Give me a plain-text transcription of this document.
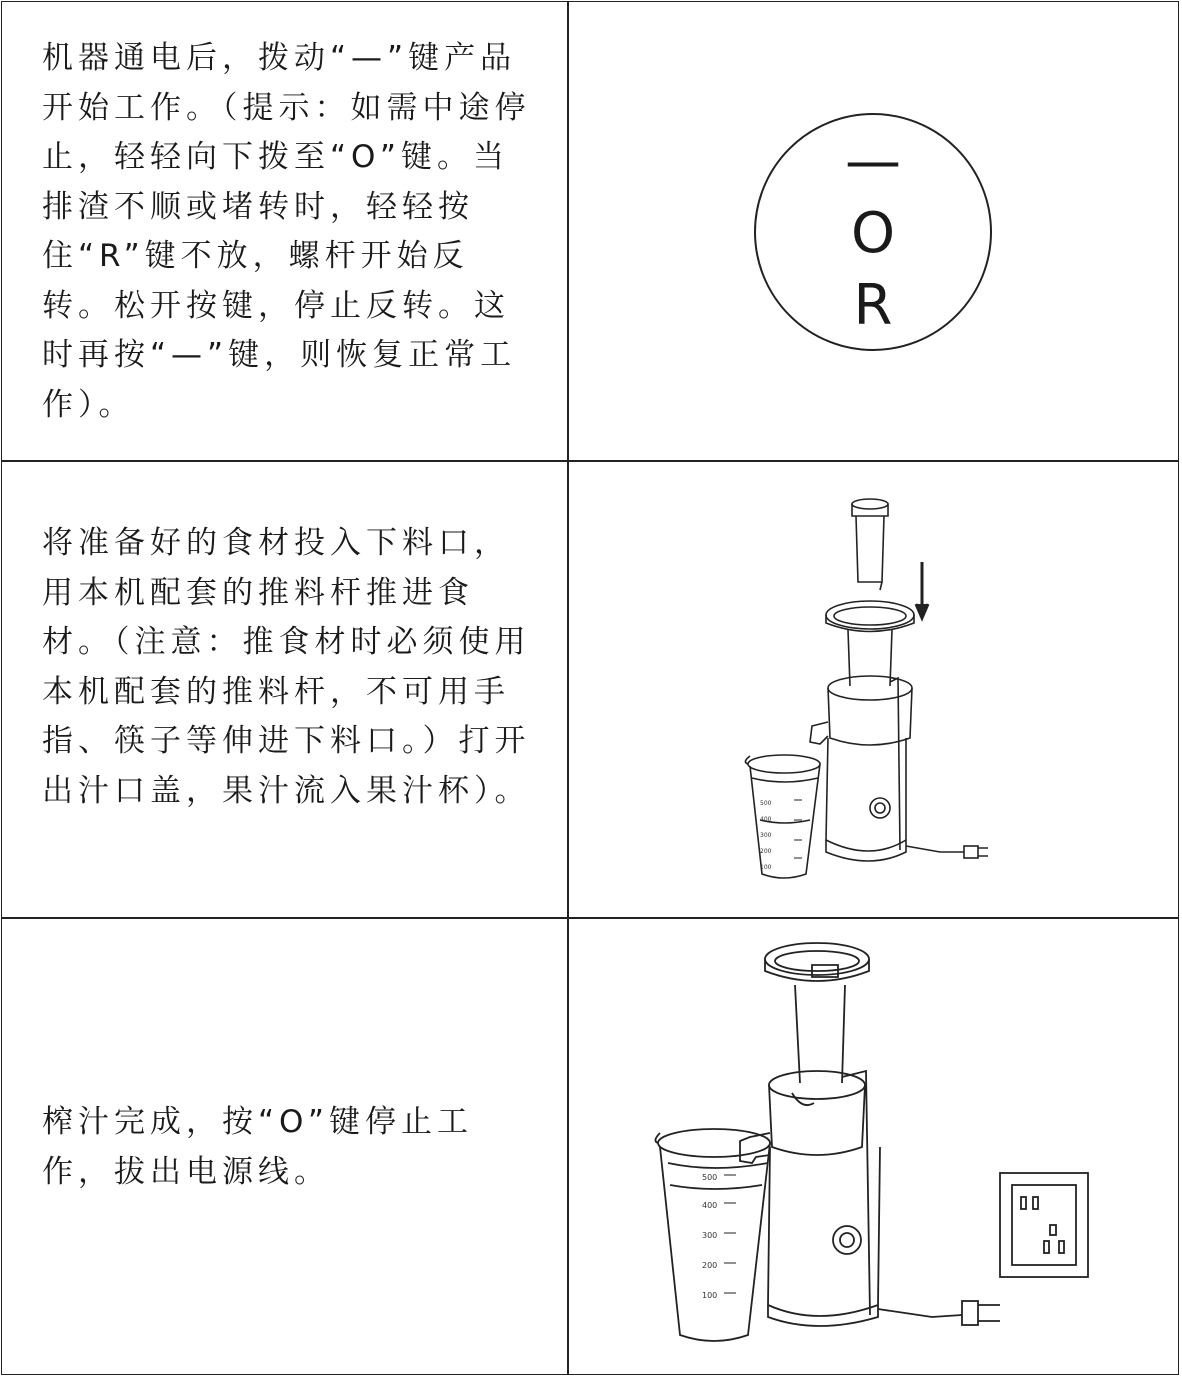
机器通电后，拨动“—”键产品开始工作。（提示：如需中途停止，轻轻向下拨至“O”键。当排渣不顺或堵转时，轻轻按住“R”键不放，螺杆开始反转。松开按键，停止反转。这时再按“—”键，则恢复正常工作）。

—
O
R

将准备好的食材投入下料口，用本机配套的推料杆推进食材。（注意：推食材时必须使用本机配套的推料杆，不可用手指、筷子等伸进下料口。）打开出汁口盖，果汁流入果汁杯）。

榨汁完成，按“O”键停止工作，拔出电源线。

500
400
300
200
100
500
400
300
200
100
